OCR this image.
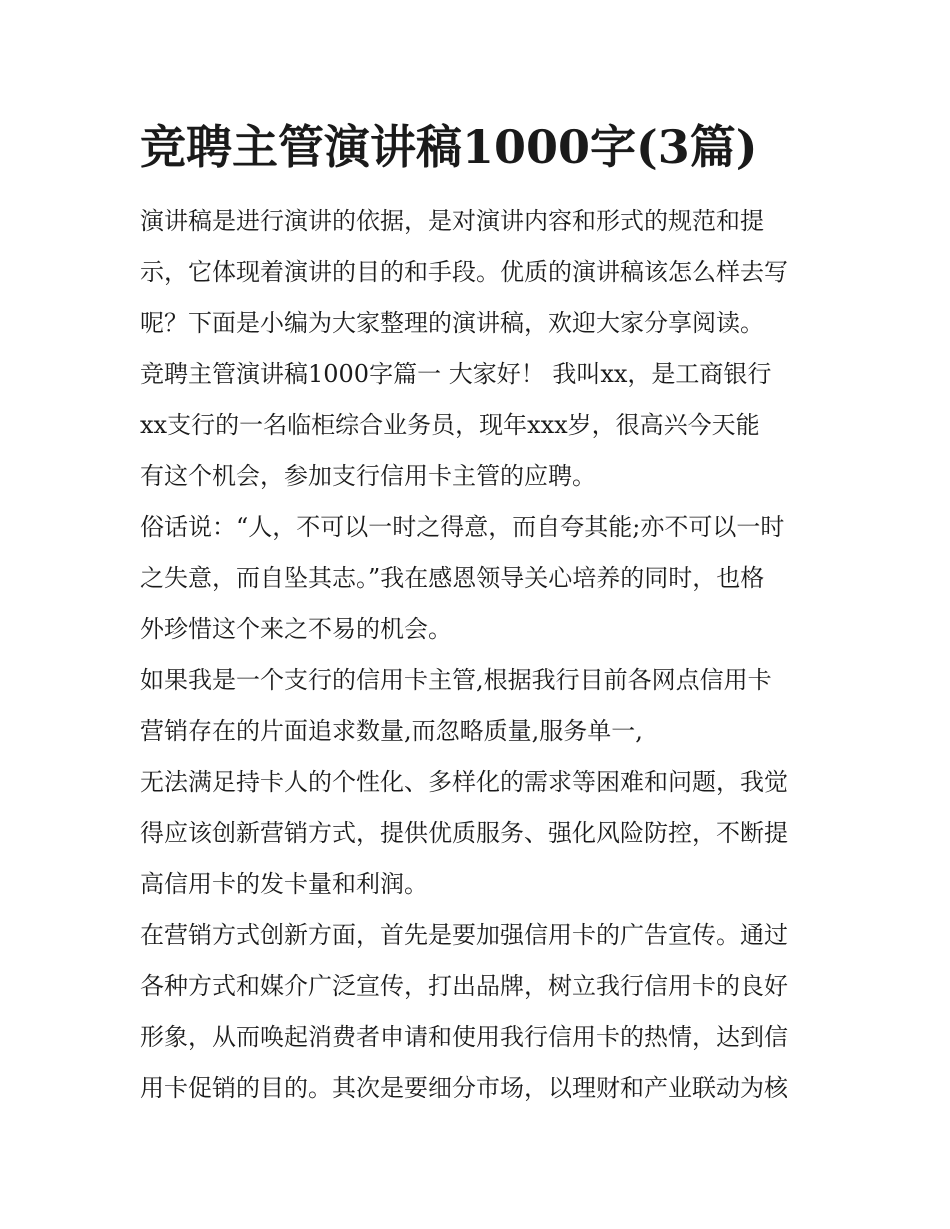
竞聘主管演讲稿1000字(3篇)
演讲稿是进行演讲的依据，是对演讲内容和形式的规范和提
示，它体现着演讲的目的和手段。优质的演讲稿该怎么样去写
呢？下面是小编为大家整理的演讲稿，欢迎大家分享阅读。
竞聘主管演讲稿1000字篇一 大家好！ 我叫xx，是工商银行
xx支行的一名临柜综合业务员，现年xxx岁，很高兴今天能
有这个机会，参加支行信用卡主管的应聘。
俗话说：“人，不可以一时之得意，而自夸其能;亦不可以一时
之失意，而自坠其志。”我在感恩领导关心培养的同时，也格
外珍惜这个来之不易的机会。
如果我是一个支行的信用卡主管,根据我行目前各网点信用卡
营销存在的片面追求数量,而忽略质量,服务单一,
无法满足持卡人的个性化、多样化的需求等困难和问题，我觉
得应该创新营销方式，提供优质服务、强化风险防控，不断提
高信用卡的发卡量和利润。
在营销方式创新方面，首先是要加强信用卡的广告宣传。通过
各种方式和媒介广泛宣传，打出品牌，树立我行信用卡的良好
形象，从而唤起消费者申请和使用我行信用卡的热情，达到信
用卡促销的目的。其次是要细分市场，以理财和产业联动为核
